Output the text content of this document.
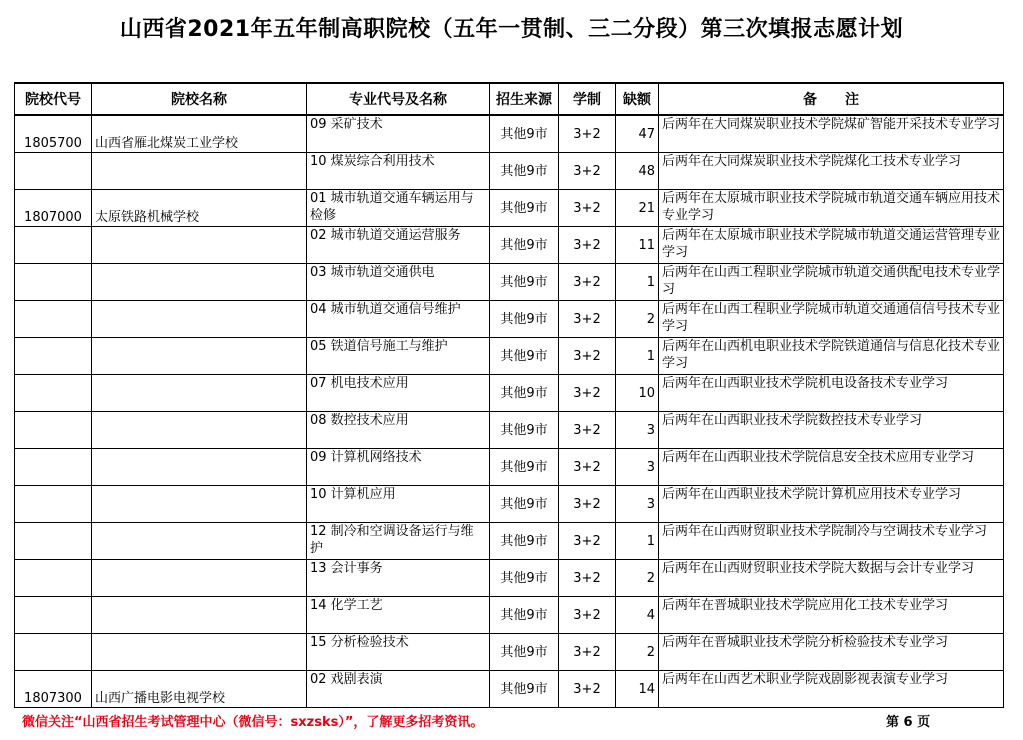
山西省2021年五年制高职院校（五年一贯制、三二分段）第三次填报志愿计划
院校代号	院校名称	专业代号及名称	招生来源	学制	缺额	备　　注
1805700	山西省雁北煤炭工业学校	09 采矿技术	其他9市	3+2	47	后两年在大同煤炭职业技术学院煤矿智能开采技术专业学习
		10 煤炭综合利用技术	其他9市	3+2	48	后两年在大同煤炭职业技术学院煤化工技术专业学习
1807000	太原铁路机械学校	01 城市轨道交通车辆运用与检修	其他9市	3+2	21	后两年在太原城市职业技术学院城市轨道交通车辆应用技术专业学习
		02 城市轨道交通运营服务	其他9市	3+2	11	后两年在太原城市职业技术学院城市轨道交通运营管理专业学习
		03 城市轨道交通供电	其他9市	3+2	1	后两年在山西工程职业学院城市轨道交通供配电技术专业学习
		04 城市轨道交通信号维护	其他9市	3+2	2	后两年在山西工程职业学院城市轨道交通通信信号技术专业学习
		05 铁道信号施工与维护	其他9市	3+2	1	后两年在山西机电职业技术学院铁道通信与信息化技术专业学习
		07 机电技术应用	其他9市	3+2	10	后两年在山西职业技术学院机电设备技术专业学习
		08 数控技术应用	其他9市	3+2	3	后两年在山西职业技术学院数控技术专业学习
		09 计算机网络技术	其他9市	3+2	3	后两年在山西职业技术学院信息安全技术应用专业学习
		10 计算机应用	其他9市	3+2	3	后两年在山西职业技术学院计算机应用技术专业学习
		12 制冷和空调设备运行与维护	其他9市	3+2	1	后两年在山西财贸职业技术学院制冷与空调技术专业学习
		13 会计事务	其他9市	3+2	2	后两年在山西财贸职业技术学院大数据与会计专业学习
		14 化学工艺	其他9市	3+2	4	后两年在晋城职业技术学院应用化工技术专业学习
		15 分析检验技术	其他9市	3+2	2	后两年在晋城职业技术学院分析检验技术专业学习
1807300	山西广播电影电视学校	02 戏剧表演	其他9市	3+2	14	后两年在山西艺术职业学院戏剧影视表演专业学习
微信关注“山西省招生考试管理中心（微信号：sxzsks）”，了解更多招考资讯。	第 6 页
